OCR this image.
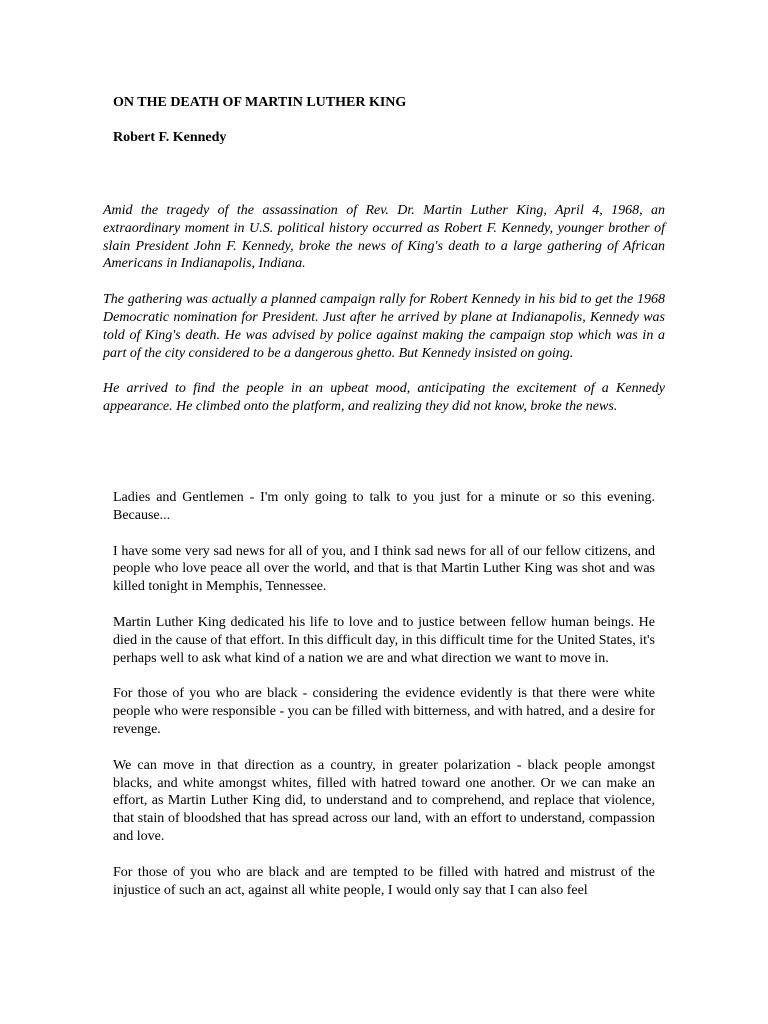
ON THE DEATH OF MARTIN LUTHER KING
Robert F. Kennedy

Amid the tragedy of the assassination of Rev. Dr. Martin Luther King, April 4, 1968, an extraordinary moment in U.S. political history occurred as Robert F. Kennedy, younger brother of slain President John F. Kennedy, broke the news of King's death to a large gathering of African Americans in Indianapolis, Indiana.

The gathering was actually a planned campaign rally for Robert Kennedy in his bid to get the 1968 Democratic nomination for President. Just after he arrived by plane at Indianapolis, Kennedy was told of King's death. He was advised by police against making the campaign stop which was in a part of the city considered to be a dangerous ghetto. But Kennedy insisted on going.

He arrived to find the people in an upbeat mood, anticipating the excitement of a Kennedy appearance. He climbed onto the platform, and realizing they did not know, broke the news.

Ladies and Gentlemen - I'm only going to talk to you just for a minute or so this evening. Because...

I have some very sad news for all of you, and I think sad news for all of our fellow citizens, and people who love peace all over the world, and that is that Martin Luther King was shot and was killed tonight in Memphis, Tennessee.

Martin Luther King dedicated his life to love and to justice between fellow human beings. He died in the cause of that effort. In this difficult day, in this difficult time for the United States, it's perhaps well to ask what kind of a nation we are and what direction we want to move in.

For those of you who are black - considering the evidence evidently is that there were white people who were responsible - you can be filled with bitterness, and with hatred, and a desire for revenge.

We can move in that direction as a country, in greater polarization - black people amongst blacks, and white amongst whites, filled with hatred toward one another. Or we can make an effort, as Martin Luther King did, to understand and to comprehend, and replace that violence, that stain of bloodshed that has spread across our land, with an effort to understand, compassion and love.

For those of you who are black and are tempted to be filled with hatred and mistrust of the injustice of such an act, against all white people, I would only say that I can also feel
